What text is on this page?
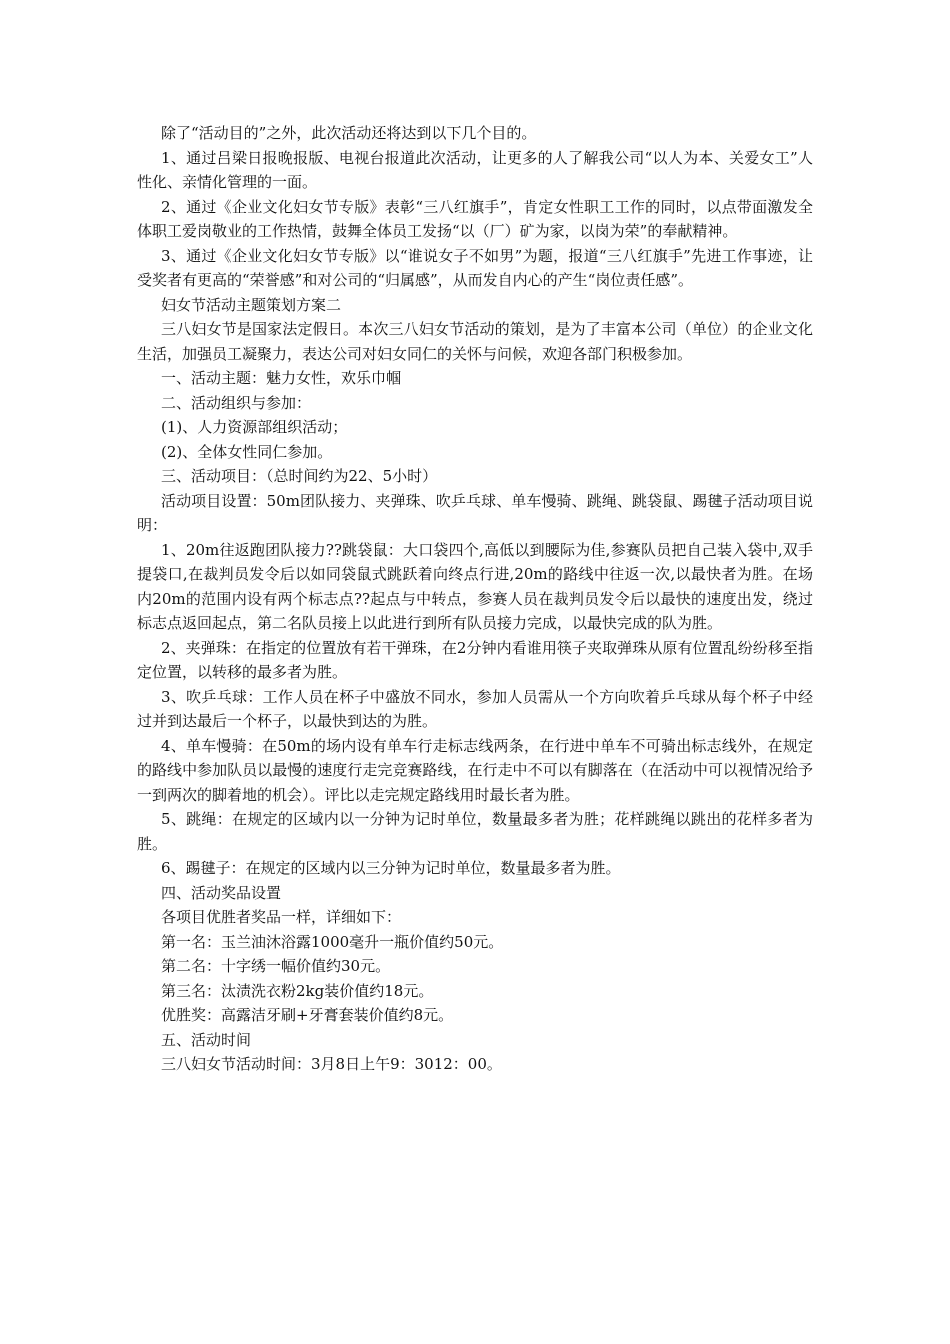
除了“活动目的”之外，此次活动还将达到以下几个目的。

1、通过吕梁日报晚报版、电视台报道此次活动，让更多的人了解我公司“以人为本、关爱女工”人性化、亲情化管理的一面。

2、通过《企业文化妇女节专版》表彰“三八红旗手”，肯定女性职工工作的同时，以点带面激发全体职工爱岗敬业的工作热情，鼓舞全体员工发扬“以（厂）矿为家，以岗为荣”的奉献精神。

3、通过《企业文化妇女节专版》以“谁说女子不如男”为题，报道“三八红旗手”先进工作事迹，让受奖者有更高的“荣誉感”和对公司的“归属感”，从而发自内心的产生“岗位责任感”。

妇女节活动主题策划方案二

三八妇女节是国家法定假日。本次三八妇女节活动的策划，是为了丰富本公司（单位）的企业文化生活，加强员工凝聚力，表达公司对妇女同仁的关怀与问候，欢迎各部门积极参加。

一、活动主题：魅力女性，欢乐巾帼

二、活动组织与参加：

(1)、人力资源部组织活动；

(2)、全体女性同仁参加。

三、活动项目：（总时间约为22、5小时）

活动项目设置：50m团队接力、夹弹珠、吹乒乓球、单车慢骑、跳绳、跳袋鼠、踢毽子活动项目说明：

1、20m往返跑团队接力??跳袋鼠：大口袋四个,高低以到腰际为佳,参赛队员把自己装入袋中,双手提袋口,在裁判员发令后以如同袋鼠式跳跃着向终点行进,20m的路线中往返一次,以最快者为胜。在场内20m的范围内设有两个标志点??起点与中转点，参赛人员在裁判员发令后以最快的速度出发，绕过标志点返回起点，第二名队员接上以此进行到所有队员接力完成，以最快完成的队为胜。

2、夹弹珠：在指定的位置放有若干弹珠，在2分钟内看谁用筷子夹取弹珠从原有位置乱纷纷移至指定位置，以转移的最多者为胜。

3、吹乒乓球：工作人员在杯子中盛放不同水，参加人员需从一个方向吹着乒乓球从每个杯子中经过并到达最后一个杯子，以最快到达的为胜。

4、单车慢骑：在50m的场内设有单车行走标志线两条，在行进中单车不可骑出标志线外，在规定的路线中参加队员以最慢的速度行走完竞赛路线，在行走中不可以有脚落在（在活动中可以视情况给予一到两次的脚着地的机会）。评比以走完规定路线用时最长者为胜。

5、跳绳：在规定的区域内以一分钟为记时单位，数量最多者为胜；花样跳绳以跳出的花样多者为胜。

6、踢毽子：在规定的区域内以三分钟为记时单位，数量最多者为胜。

四、活动奖品设置

各项目优胜者奖品一样，详细如下：

第一名：玉兰油沐浴露1000毫升一瓶价值约50元。

第二名：十字绣一幅价值约30元。

第三名：汰渍洗衣粉2kg装价值约18元。

优胜奖：高露洁牙刷+牙膏套装价值约8元。

五、活动时间

三八妇女节活动时间：3月8日上午9：3012：00。
